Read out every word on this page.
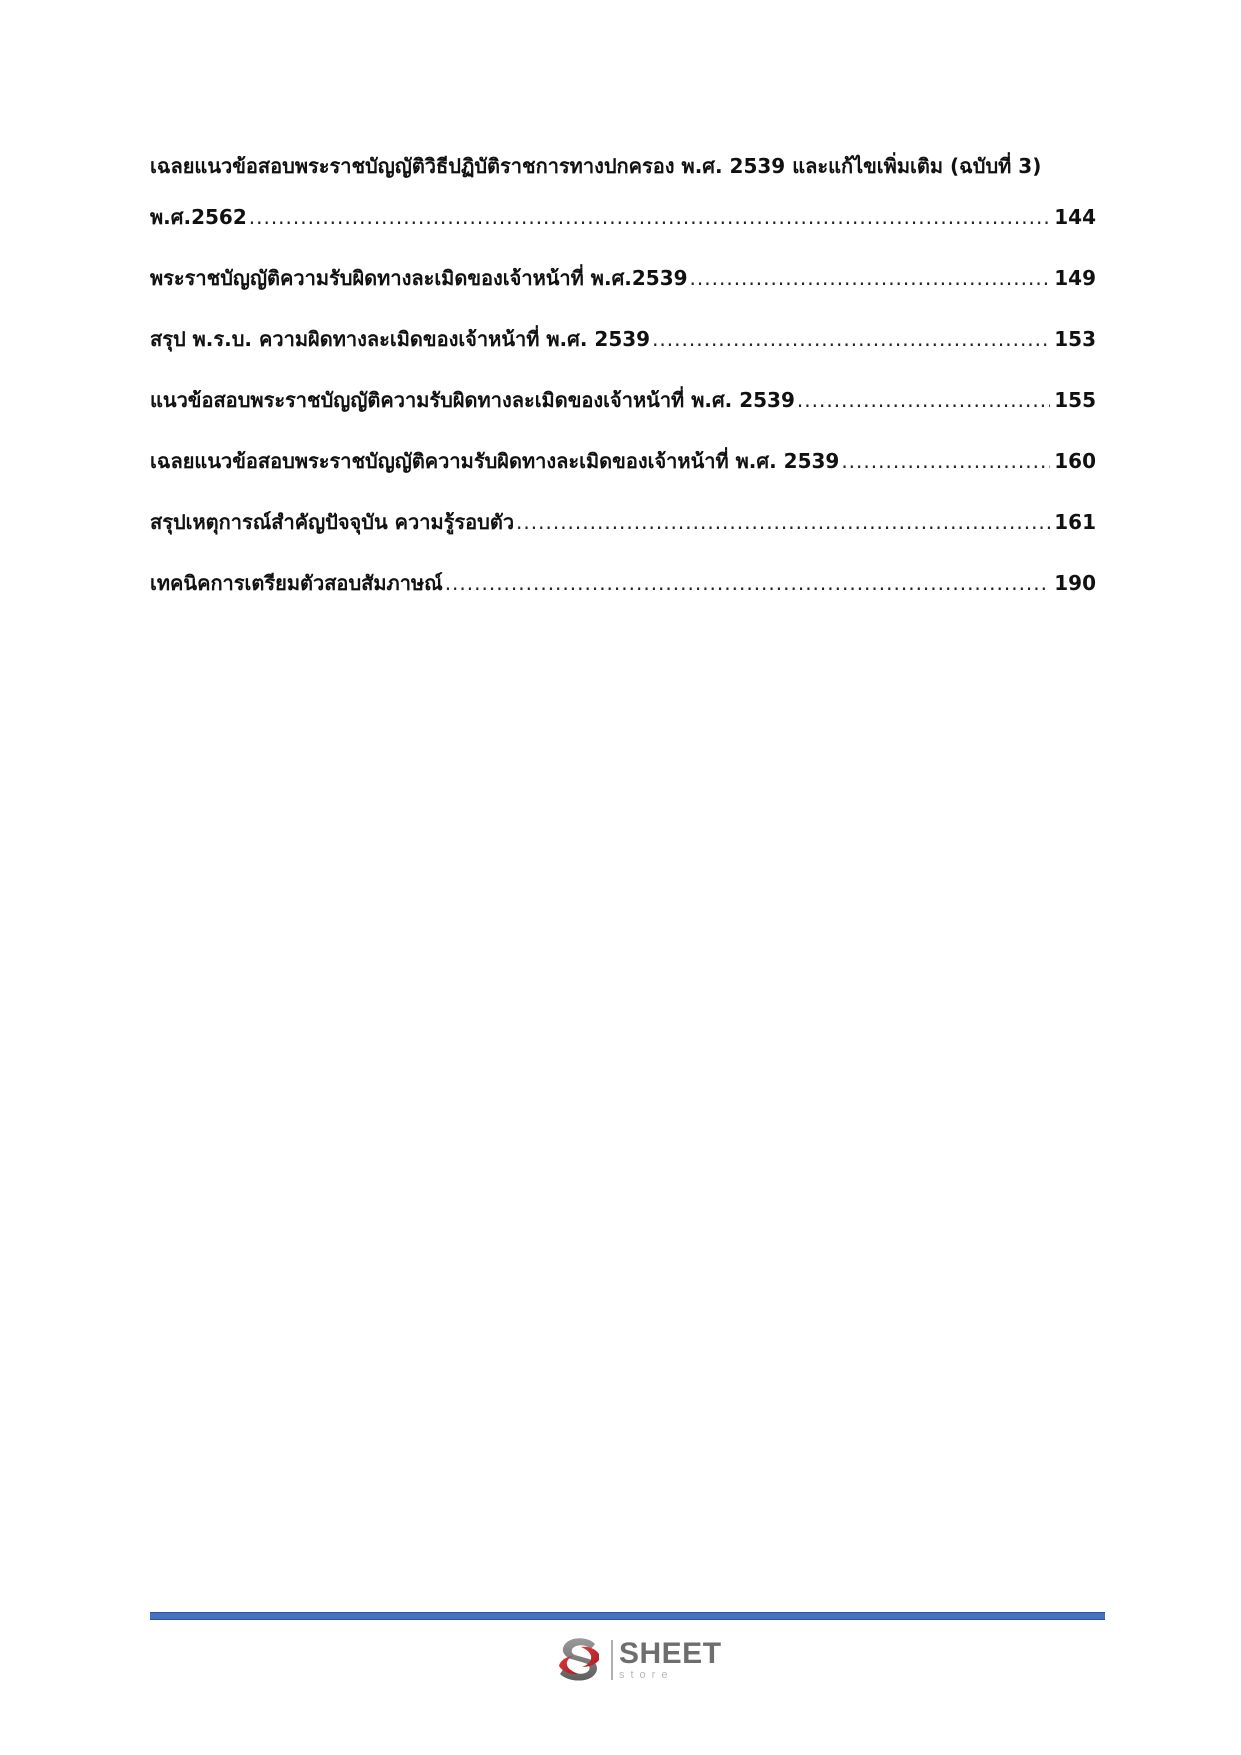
เฉลยแนวข้อสอบพระราชบัญญัติวิธีปฏิบัติราชการทางปกครอง พ.ศ. 2539 และแก้ไขเพิ่มเติม (ฉบับที่ 3)
พ.ศ.2562 .....	144
พระราชบัญญัติความรับผิดทางละเมิดของเจ้าหน้าที่ พ.ศ.2539 .....	149
สรุป พ.ร.บ. ความผิดทางละเมิดของเจ้าหน้าที่ พ.ศ. 2539 .....	153
แนวข้อสอบพระราชบัญญัติความรับผิดทางละเมิดของเจ้าหน้าที่ พ.ศ. 2539 .....	155
เฉลยแนวข้อสอบพระราชบัญญัติความรับผิดทางละเมิดของเจ้าหน้าที่ พ.ศ. 2539 .....	160
สรุปเหตุการณ์สำคัญปัจจุบัน ความรู้รอบตัว .....	161
เทคนิคการเตรียมตัวสอบสัมภาษณ์ .....	190
SHEET
store
